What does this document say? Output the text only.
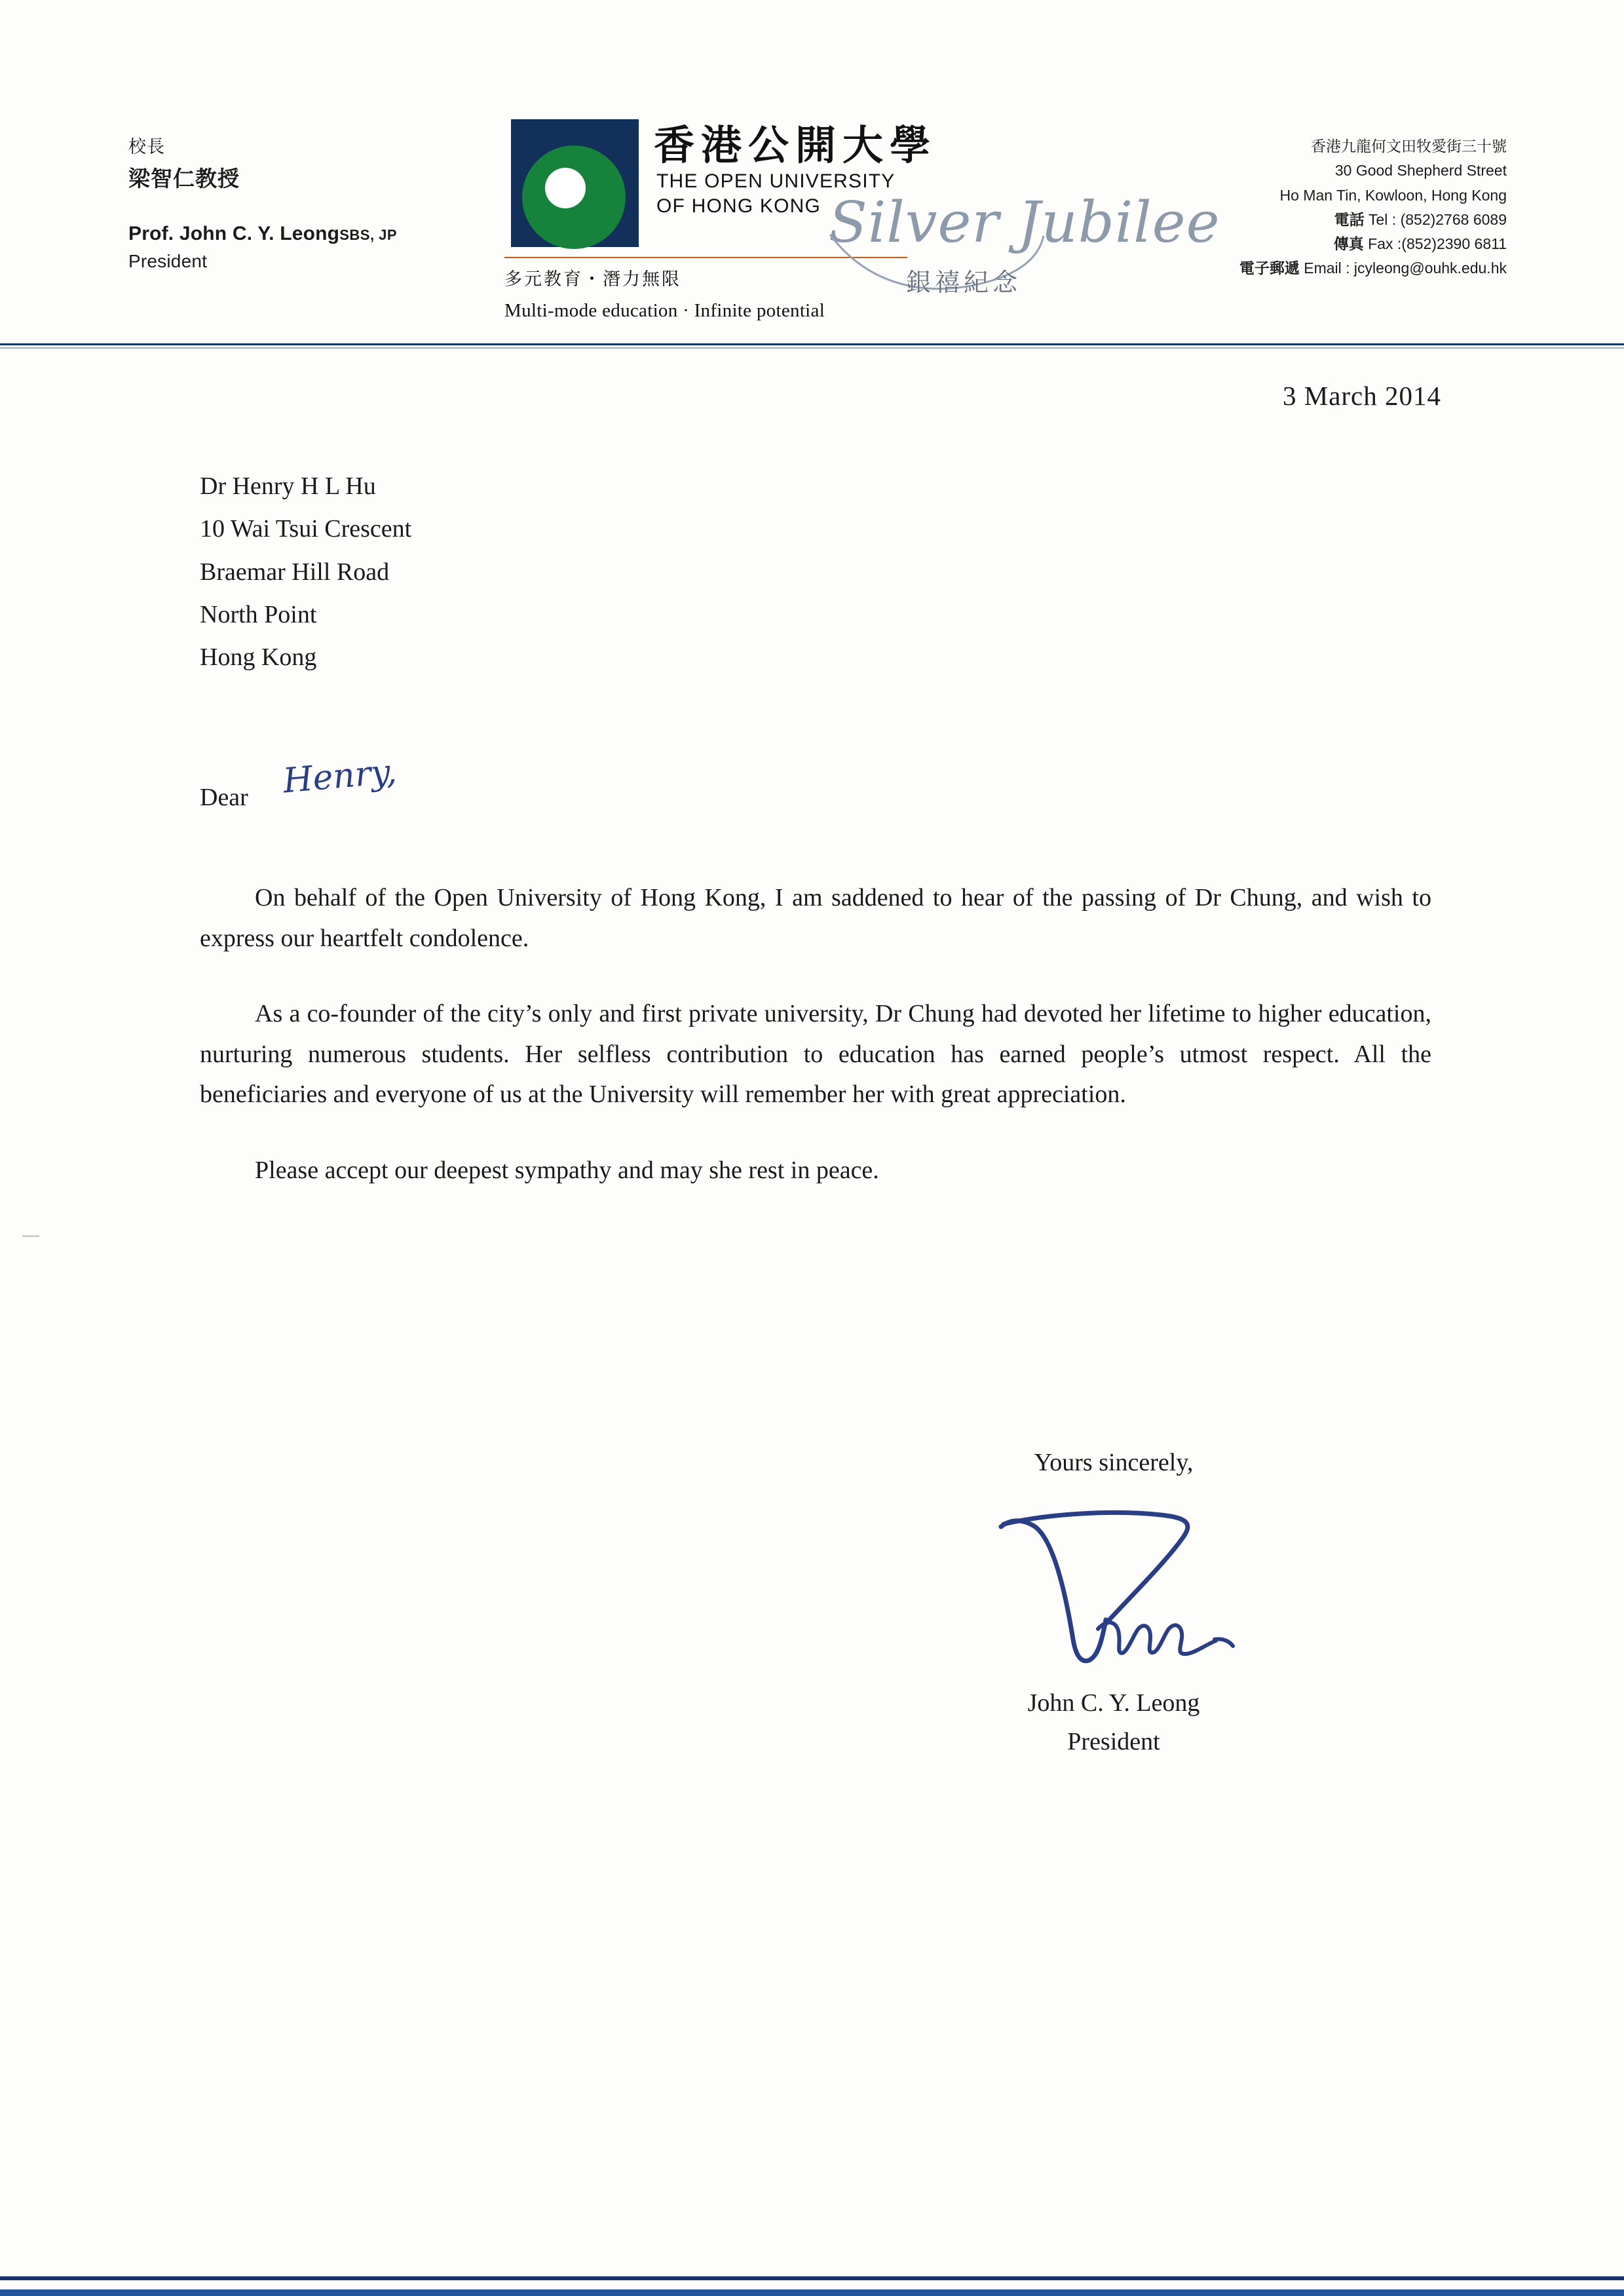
校長
梁智仁教授
Prof. John C. Y. LeongSBS, JP
President
香港公開大學
THE OPEN UNIVERSITY
OF HONG KONG
多元教育・潛力無限
Multi-mode education · Infinite potential
Silver Jubilee
銀禧紀念
香港九龍何文田牧愛街三十號
30 Good Shepherd Street
Ho Man Tin, Kowloon, Hong Kong
電話 Tel : (852)2768 6089
傳真 Fax :(852)2390 6811
電子郵遞 Email : jcyleong@ouhk.edu.hk
3 March 2014
Dr Henry H L Hu
10 Wai Tsui Crescent
Braemar Hill Road
North Point
Hong Kong
Dear Henry,

On behalf of the Open University of Hong Kong, I am saddened to hear of the passing of Dr Chung, and wish to express our heartfelt condolence.

As a co-founder of the city’s only and first private university, Dr Chung had devoted her lifetime to higher education, nurturing numerous students. Her selfless contribution to education has earned people’s utmost respect. All the beneficiaries and everyone of us at the University will remember her with great appreciation.

Please accept our deepest sympathy and may she rest in peace.

Yours sincerely,
John C. Y. Leong
President
